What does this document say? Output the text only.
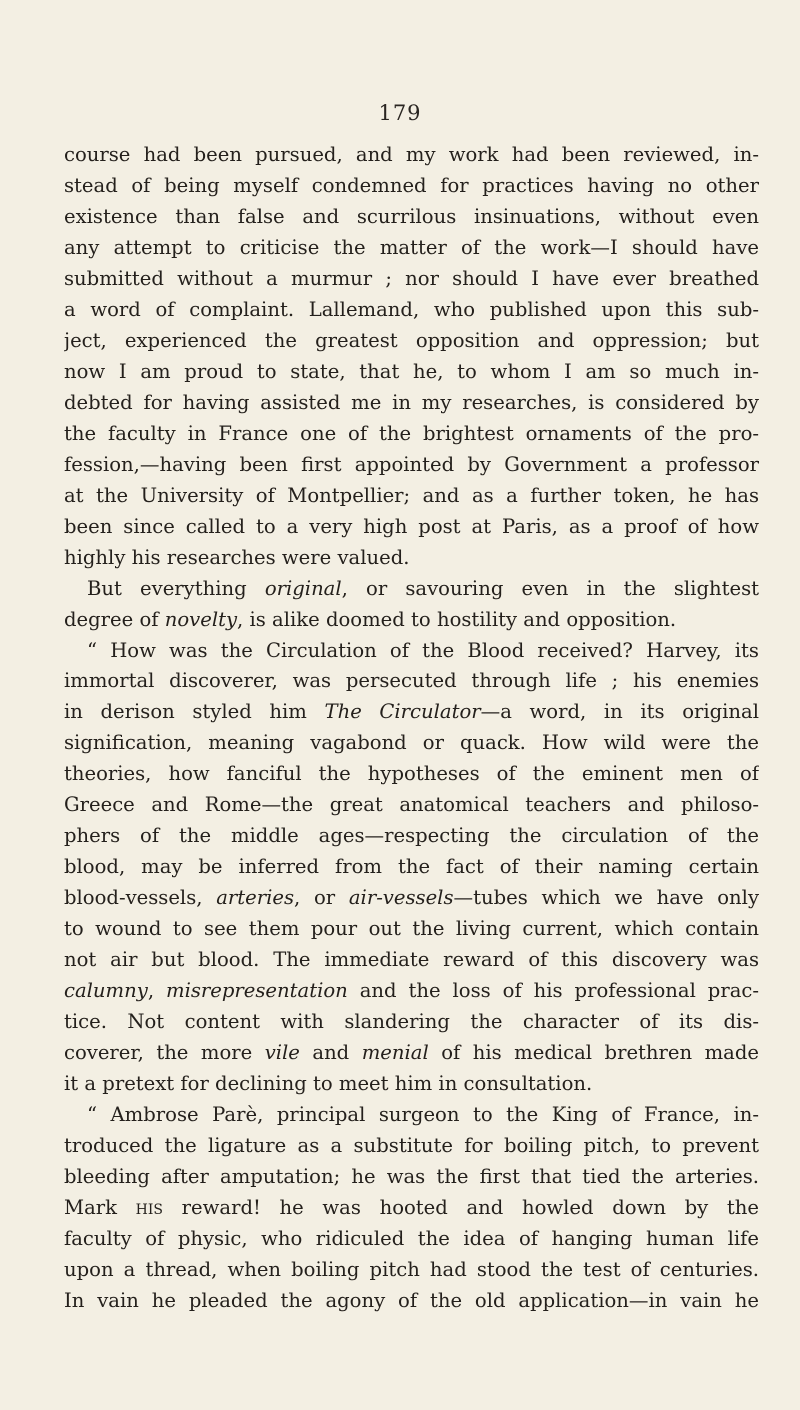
179
course had been pursued, and my work had been reviewed, in-
stead of being myself condemned for practices having no other
existence than false and scurrilous insinuations, without even
any attempt to criticise the matter of the work—I should have
submitted without a murmur ; nor should I have ever breathed
a word of complaint. Lallemand, who published upon this sub-
ject, experienced the greatest opposition and oppression; but
now I am proud to state, that he, to whom I am so much in-
debted for having assisted me in my researches, is considered by
the faculty in France one of the brightest ornaments of the pro-
fession,—having been first appointed by Government a professor
at the University of Montpellier; and as a further token, he has
been since called to a very high post at Paris, as a proof of how
highly his researches were valued.
But everything original, or savouring even in the slightest
degree of novelty, is alike doomed to hostility and opposition.
“ How was the Circulation of the Blood received? Harvey, its
immortal discoverer, was persecuted through life ; his enemies
in derison styled him The Circulator—a word, in its original
signification, meaning vagabond or quack. How wild were the
theories, how fanciful the hypotheses of the eminent men of
Greece and Rome—the great anatomical teachers and philoso-
phers of the middle ages—respecting the circulation of the
blood, may be inferred from the fact of their naming certain
blood-vessels, arteries, or air-vessels—tubes which we have only
to wound to see them pour out the living current, which contain
not air but blood. The immediate reward of this discovery was
calumny, misrepresentation and the loss of his professional prac-
tice. Not content with slandering the character of its dis-
coverer, the more vile and menial of his medical brethren made
it a pretext for declining to meet him in consultation.
“ Ambrose Parè, principal surgeon to the King of France, in-
troduced the ligature as a substitute for boiling pitch, to prevent
bleeding after amputation; he was the first that tied the arteries.
Mark his reward! he was hooted and howled down by the
faculty of physic, who ridiculed the idea of hanging human life
upon a thread, when boiling pitch had stood the test of centuries.
In vain he pleaded the agony of the old application—in vain he
